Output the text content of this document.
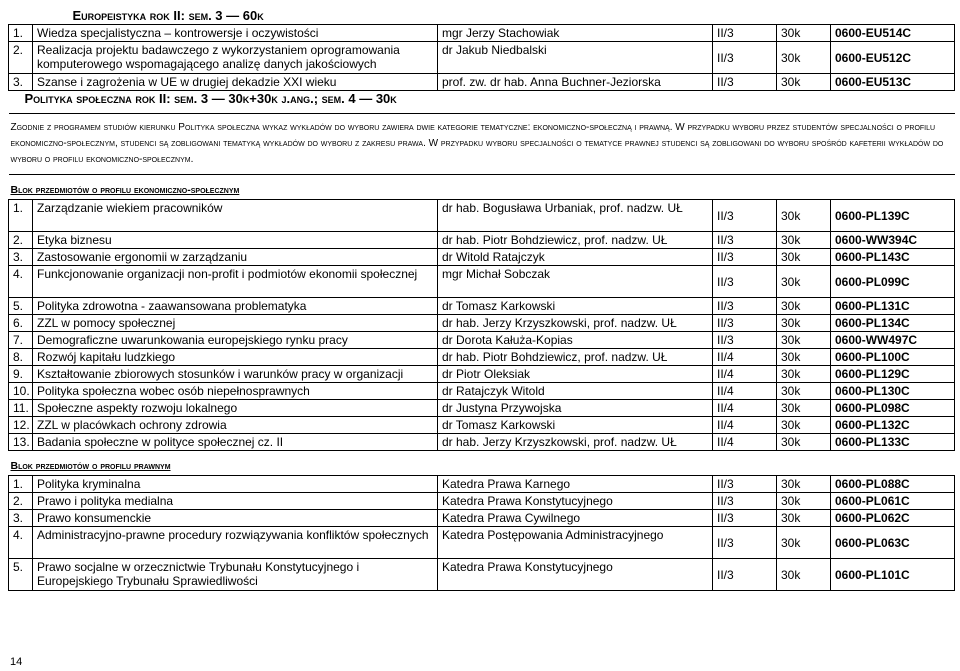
Europeistyka rok II: sem. 3 — 60k					
1.	Wiedza specjalistyczna – kontrowersje i oczywistości	mgr Jerzy Stachowiak	II/3	30k	0600-EU514C
2.	Realizacja projektu badawczego z wykorzystaniem oprogramowania komputerowego wspomagającego analizę danych jakościowych	dr Jakub Niedbalski	II/3	30k	0600-EU512C
3.	Szanse i zagrożenia w UE w drugiej dekadzie XXI wieku	prof. zw. dr hab. Anna Buchner-Jeziorska	II/3	30k	0600-EU513C
Polityka społeczna rok II: sem. 3 — 30k+30k j.ang.; sem. 4 — 30k					
Zgodnie z programem studiów kierunku Polityka społeczna wykaz wykładów do wyboru zawiera dwie kategorie tematyczne: ekonomiczno-społeczną i prawną. W przypadku wyboru przez studentów specjalności o profilu ekonomiczno-społecznym, studenci są zobligowani tematyką wykładów do wyboru z zakresu prawa. W przypadku wyboru specjalności o tematyce prawnej studenci są zobligowani do wyboru spośród kafeterii wykładów do wyboru o profilu ekonomiczno-społecznym.					
Blok przedmiotów o profilu ekonomiczno-społecznym					
1.	Zarządzanie wiekiem pracowników	dr hab. Bogusława Urbaniak, prof. nadzw. UŁ	II/3	30k	0600-PL139C
2.	Etyka biznesu	dr hab. Piotr Bohdziewicz, prof. nadzw. UŁ	II/3	30k	0600-WW394C
3.	Zastosowanie ergonomii w zarządzaniu	dr Witold Ratajczyk	II/3	30k	0600-PL143C
4.	Funkcjonowanie organizacji non-profit i podmiotów ekonomii społecznej	mgr Michał Sobczak	II/3	30k	0600-PL099C
5.	Polityka zdrowotna - zaawansowana problematyka	dr Tomasz Karkowski	II/3	30k	0600-PL131C
6.	ZZL w pomocy społecznej	dr hab. Jerzy Krzyszkowski, prof. nadzw. UŁ	II/3	30k	0600-PL134C
7.	Demograficzne uwarunkowania europejskiego rynku pracy	dr Dorota Kałuża-Kopias	II/3	30k	0600-WW497C
8.	Rozwój kapitału ludzkiego	dr hab. Piotr Bohdziewicz, prof. nadzw. UŁ	II/4	30k	0600-PL100C
9.	Kształtowanie zbiorowych stosunków i warunków pracy w organizacji	dr Piotr Oleksiak	II/4	30k	0600-PL129C
10.	Polityka społeczna wobec osób niepełnosprawnych	dr Ratajczyk Witold	II/4	30k	0600-PL130C
11.	Społeczne aspekty rozwoju lokalnego	dr Justyna Przywojska	II/4	30k	0600-PL098C
12.	ZZL w placówkach ochrony zdrowia	dr Tomasz Karkowski	II/4	30k	0600-PL132C
13.	Badania społeczne w polityce społecznej cz. II	dr hab. Jerzy Krzyszkowski, prof. nadzw. UŁ	II/4	30k	0600-PL133C
Blok przedmiotów o profilu prawnym					
1.	Polityka kryminalna	Katedra Prawa Karnego	II/3	30k	0600-PL088C
2.	Prawo i polityka medialna	Katedra Prawa Konstytucyjnego	II/3	30k	0600-PL061C
3.	Prawo konsumenckie	Katedra Prawa Cywilnego	II/3	30k	0600-PL062C
4.	Administracyjno-prawne procedury rozwiązywania konfliktów społecznych	Katedra Postępowania Administracyjnego	II/3	30k	0600-PL063C
5.	Prawo socjalne w orzecznictwie Trybunału Konstytucyjnego i Europejskiego Trybunału Sprawiedliwości	Katedra Prawa Konstytucyjnego	II/3	30k	0600-PL101C
14
